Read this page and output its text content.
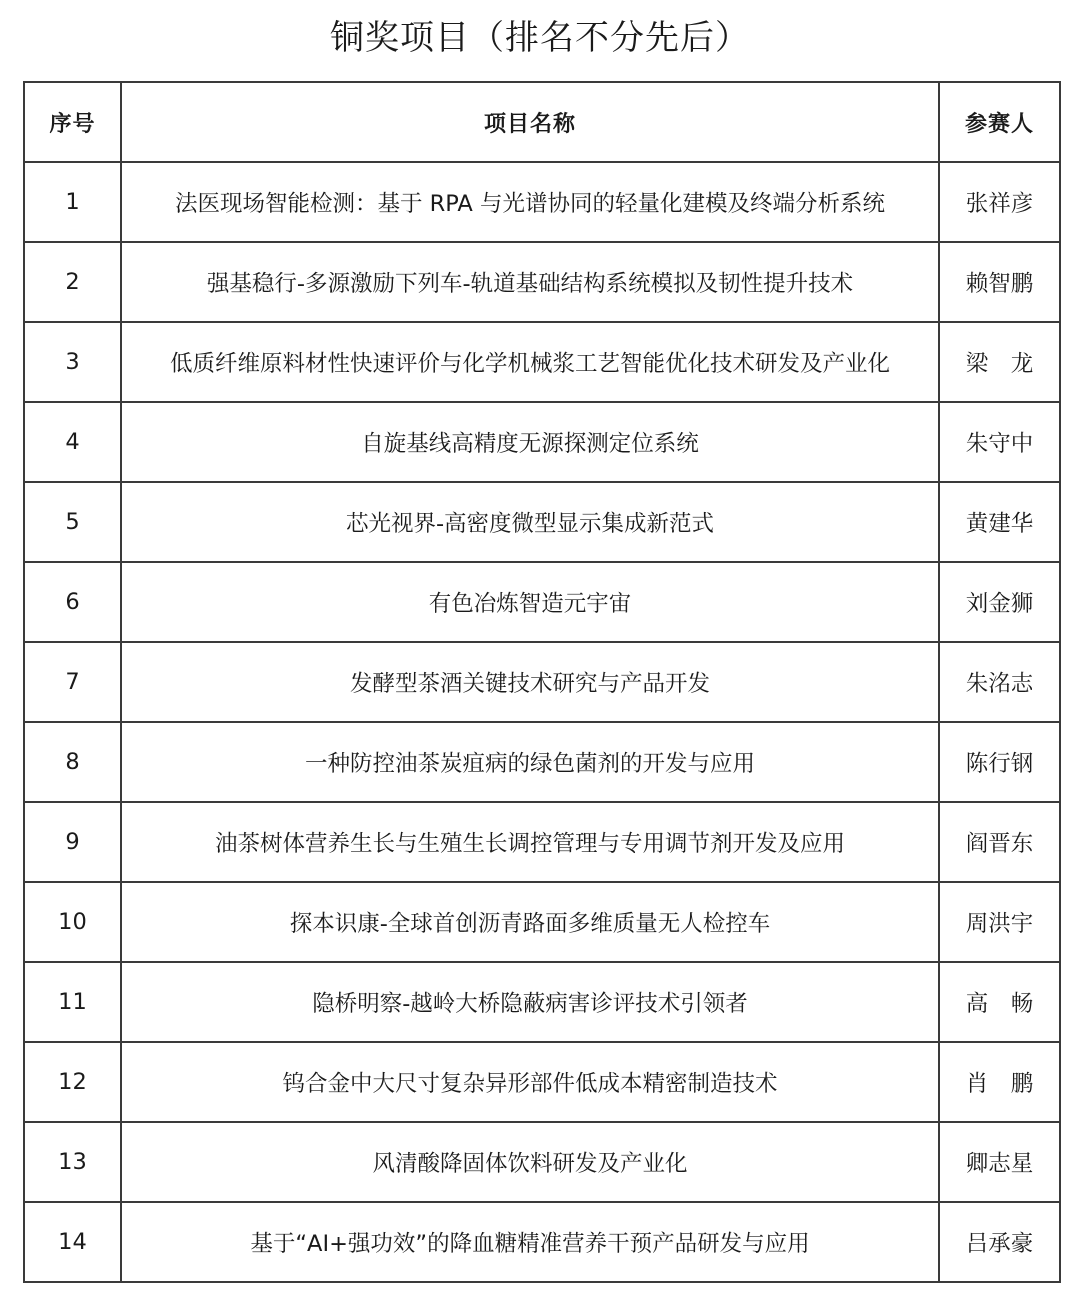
铜奖项目（排名不分先后）
序号	项目名称	参赛人
1	法医现场智能检测：基于 RPA 与光谱协同的轻量化建模及终端分析系统	张祥彦
2	强基稳行-多源激励下列车-轨道基础结构系统模拟及韧性提升技术	赖智鹏
3	低质纤维原料材性快速评价与化学机械浆工艺智能优化技术研发及产业化	梁　龙
4	自旋基线高精度无源探测定位系统	朱守中
5	芯光视界-高密度微型显示集成新范式	黄建华
6	有色冶炼智造元宇宙	刘金狮
7	发酵型茶酒关键技术研究与产品开发	朱洺志
8	一种防控油茶炭疽病的绿色菌剂的开发与应用	陈行钢
9	油茶树体营养生长与生殖生长调控管理与专用调节剂开发及应用	阎晋东
10	探本识康-全球首创沥青路面多维质量无人检控车	周洪宇
11	隐桥明察-越岭大桥隐蔽病害诊评技术引领者	高　畅
12	钨合金中大尺寸复杂异形部件低成本精密制造技术	肖　鹏
13	风清酸降固体饮料研发及产业化	卿志星
14	基于“AI+强功效”的降血糖精准营养干预产品研发与应用	吕承豪
